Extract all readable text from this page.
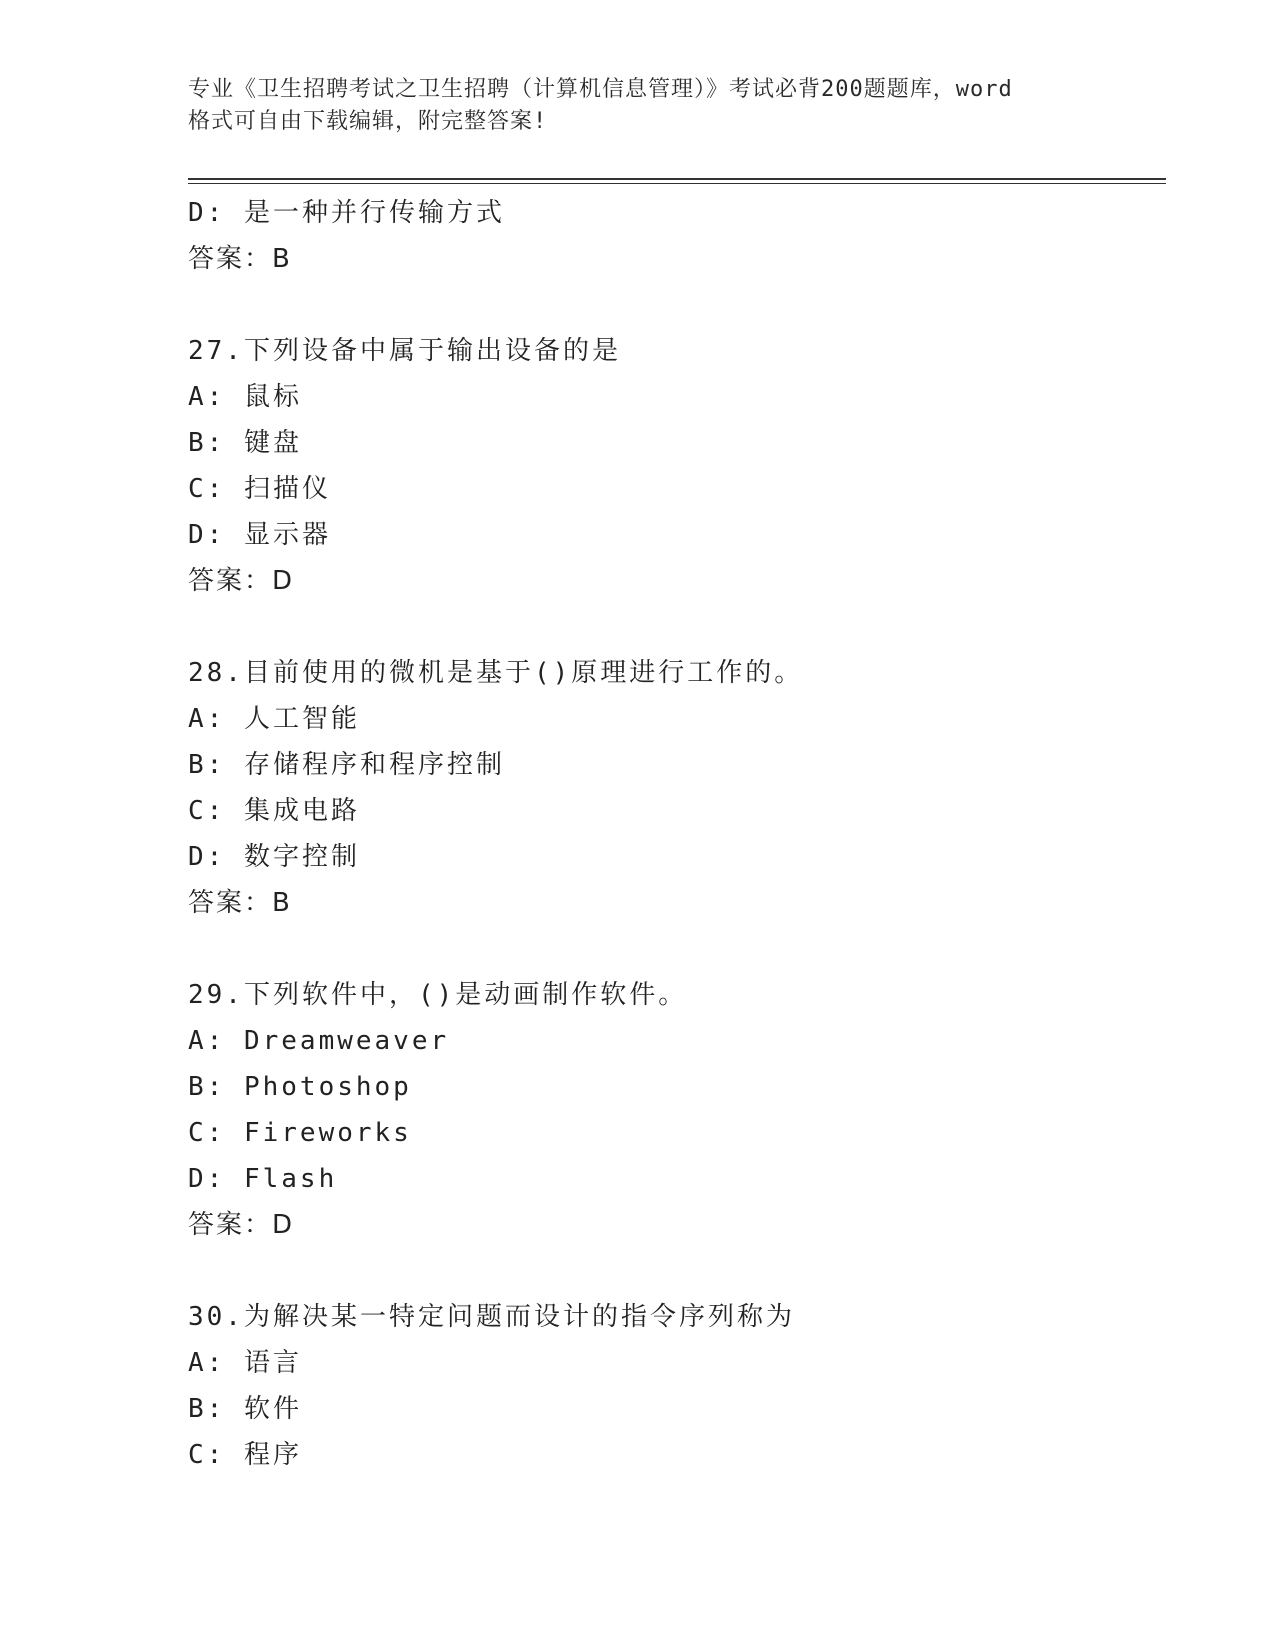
专业《卫生招聘考试之卫生招聘（计算机信息管理）》考试必背200题题库，word
格式可自由下载编辑，附完整答案!
D: 是一种并行传输方式
答案：B
27.下列设备中属于输出设备的是
A: 鼠标
B: 键盘
C: 扫描仪
D: 显示器
答案：D
28.目前使用的微机是基于()原理进行工作的。
A: 人工智能
B: 存储程序和程序控制
C: 集成电路
D: 数字控制
答案：B
29.下列软件中，()是动画制作软件。
A: Dreamweaver
B: Photoshop
C: Fireworks
D: Flash
答案：D
30.为解决某一特定问题而设计的指令序列称为
A: 语言
B: 软件
C: 程序
